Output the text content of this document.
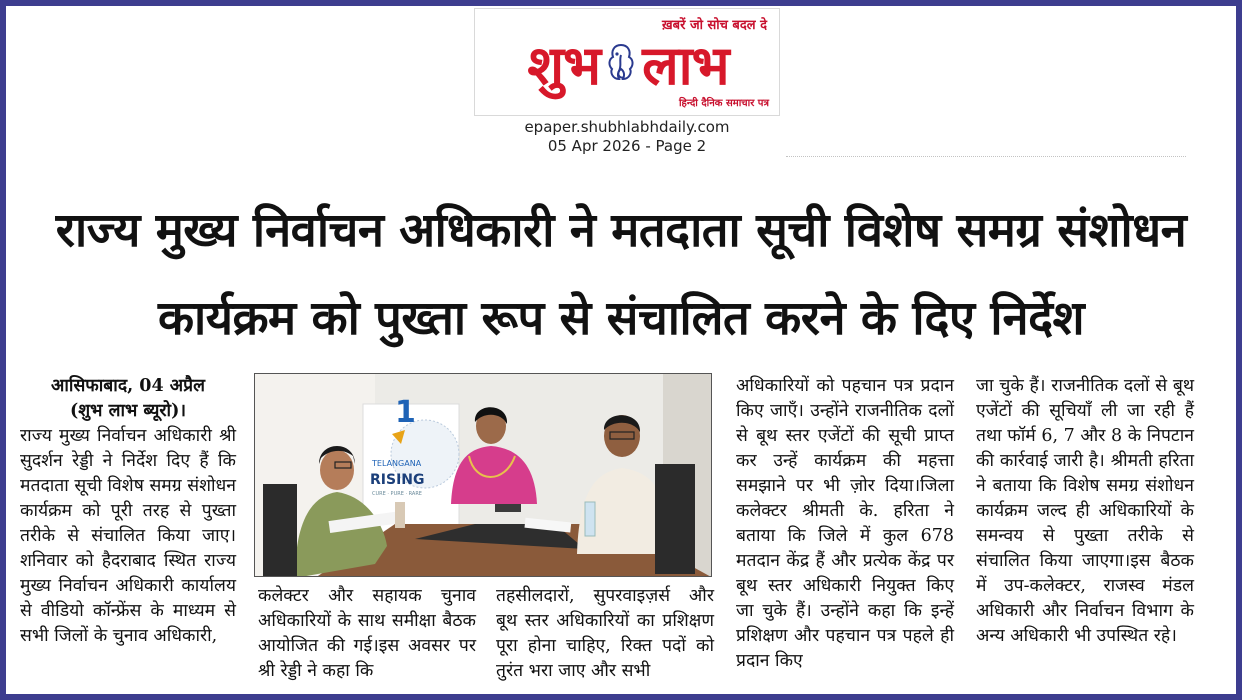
ख़बरें जो सोच बदल दे
शुभ लाभ
हिन्दी दैनिक समाचार पत्र
epaper.shubhlabhdaily.com
05 Apr 2026 - Page 2
राज्य मुख्य निर्वाचन अधिकारी ने मतदाता सूची विशेष समग्र संशोधन
कार्यक्रम को पुख्ता रूप से संचालित करने के दिए निर्देश
आसिफाबाद, 04 अप्रैल
(शुभ लाभ ब्यूरो)।

राज्य मुख्य निर्वाचन अधिकारी श्री सुदर्शन रेड्डी ने निर्देश दिए हैं कि मतदाता सूची विशेष समग्र संशोधन कार्यक्रम को पूरी तरह से पुख्ता तरीके से संचालित किया जाए। शनिवार को हैदराबाद स्थित राज्य मुख्य निर्वाचन अधिकारी कार्यालय से वीडियो कॉन्फ्रेंस के माध्यम से सभी जिलों के चुनाव अधिकारी,

1
TELANGANA
RISING
CURE · PURE · RARE

कलेक्टर और सहायक चुनाव अधिकारियों के साथ समीक्षा बैठक आयोजित की गई।इस अवसर पर श्री रेड्डी ने कहा कि

तहसीलदारों, सुपरवाइज़र्स और बूथ स्तर अधिकारियों का प्रशिक्षण पूरा होना चाहिए, रिक्त पदों को तुरंत भरा जाए और सभी

अधिकारियों को पहचान पत्र प्रदान किए जाएँ। उन्होंने राजनीतिक दलों से बूथ स्तर एजेंटों की सूची प्राप्त कर उन्हें कार्यक्रम की महत्ता समझाने पर भी ज़ोर दिया।जिला कलेक्टर श्रीमती के. हरिता ने बताया कि जिले में कुल 678 मतदान केंद्र हैं और प्रत्येक केंद्र पर बूथ स्तर अधिकारी नियुक्त किए जा चुके हैं। उन्होंने कहा कि इन्हें प्रशिक्षण और पहचान पत्र पहले ही प्रदान किए

जा चुके हैं। राजनीतिक दलों से बूथ एजेंटों की सूचियाँ ली जा रही हैं तथा फॉर्म 6, 7 और 8 के निपटान की कार्रवाई जारी है। श्रीमती हरिता ने बताया कि विशेष समग्र संशोधन कार्यक्रम जल्द ही अधिकारियों के समन्वय से पुख्ता तरीके से संचालित किया जाएगा।इस बैठक में उप-कलेक्टर, राजस्व मंडल अधिकारी और निर्वाचन विभाग के अन्य अधिकारी भी उपस्थित रहे।
